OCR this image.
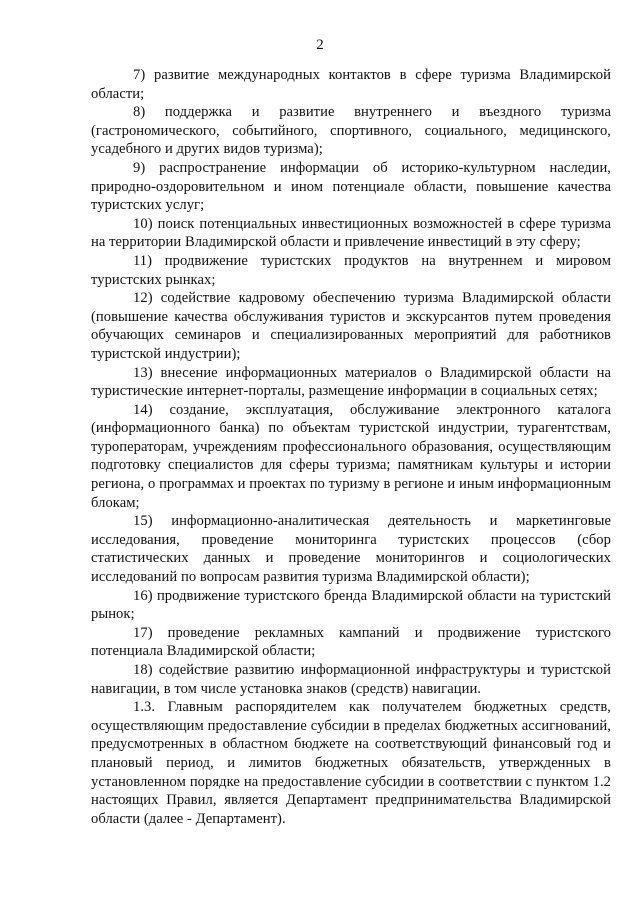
2

7) развитие международных контактов в сфере туризма Владимирской области;

8) поддержка и развитие внутреннего и въездного туризма (гастрономического, событийного, спортивного, социального, медицинского, усадебного и других видов туризма);

9) распространение информации об историко-культурном наследии, природно-оздоровительном и ином потенциале области, повышение качества туристских услуг;

10) поиск потенциальных инвестиционных возможностей в сфере туризма на территории Владимирской области и привлечение инвестиций в эту сферу;

11) продвижение туристских продуктов на внутреннем и мировом туристских рынках;

12) содействие кадровому обеспечению туризма Владимирской области (повышение качества обслуживания туристов и экскурсантов путем проведения обучающих семинаров и специализированных мероприятий для работников туристской индустрии);

13) внесение информационных материалов о Владимирской области на туристические интернет-порталы, размещение информации в социальных сетях;

14) создание, эксплуатация, обслуживание электронного каталога (информационного банка) по объектам туристской индустрии, турагентствам, туроператорам, учреждениям профессионального образования, осуществляющим подготовку специалистов для сферы туризма; памятникам культуры и истории региона, о программах и проектах по туризму в регионе и иным информационным блокам;

15) информационно-аналитическая деятельность и маркетинговые исследования, проведение мониторинга туристских процессов (сбор статистических данных и проведение мониторингов и социологических исследований по вопросам развития туризма Владимирской области);

16) продвижение туристского бренда Владимирской области на туристский рынок;

17) проведение рекламных кампаний и продвижение туристского потенциала Владимирской области;

18) содействие развитию информационной инфраструктуры и туристской навигации, в том числе установка знаков (средств) навигации.

1.3. Главным распорядителем как получателем бюджетных средств, осуществляющим предоставление субсидии в пределах бюджетных ассигнований, предусмотренных в областном бюджете на соответствующий финансовый год и плановый период, и лимитов бюджетных обязательств, утвержденных в установленном порядке на предоставление субсидии в соответствии с пунктом 1.2 настоящих Правил, является Департамент предпринимательства Владимирской области (далее - Департамент).
